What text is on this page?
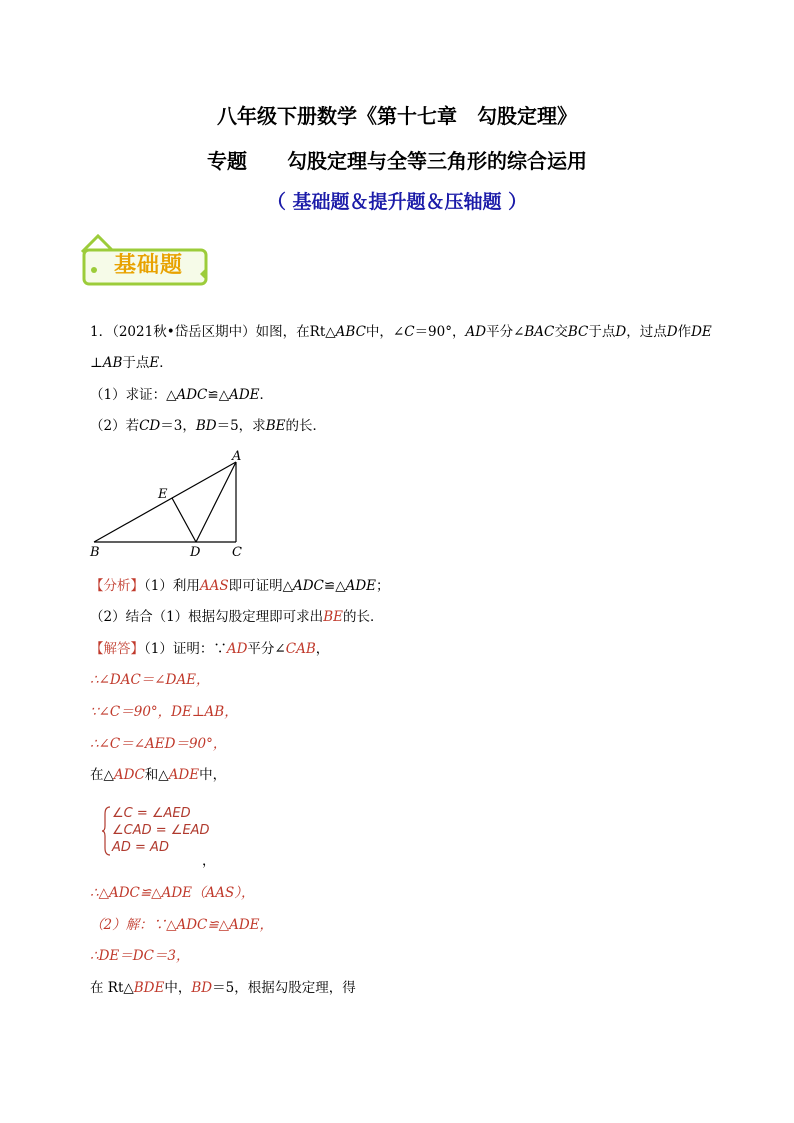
八年级下册数学《第十七章　勾股定理》
专题　　勾股定理与全等三角形的综合运用
（ 基础题＆提升题＆压轴题 ）
基础题
1．（2021秋•岱岳区期中）如图，在Rt△ABC中，∠C＝90°，AD平分∠BAC交BC于点D，过点D作DE
⊥AB于点E．
（1）求证：△ADC≌△ADE．
（2）若CD＝3，BD＝5，求BE的长．
A
B	C
D
E
【分析】（1）利用AAS即可证明△ADC≌△ADE；
（2）结合（1）根据勾股定理即可求出BE的长．
【解答】（1）证明：∵AD平分∠CAB，
∴∠DAC＝∠DAE，
∵∠C＝90°，DE⊥AB，
∴∠C＝∠AED＝90°，
在△ADC和△ADE中，
∠C = ∠AED
∠CAD = ∠EAD
AD = AD
，
∴△ADC≌△ADE（AAS），
（2）解：∵△ADC≌△ADE，
∴DE＝DC＝3，
在 Rt△BDE中，BD＝5，根据勾股定理，得
